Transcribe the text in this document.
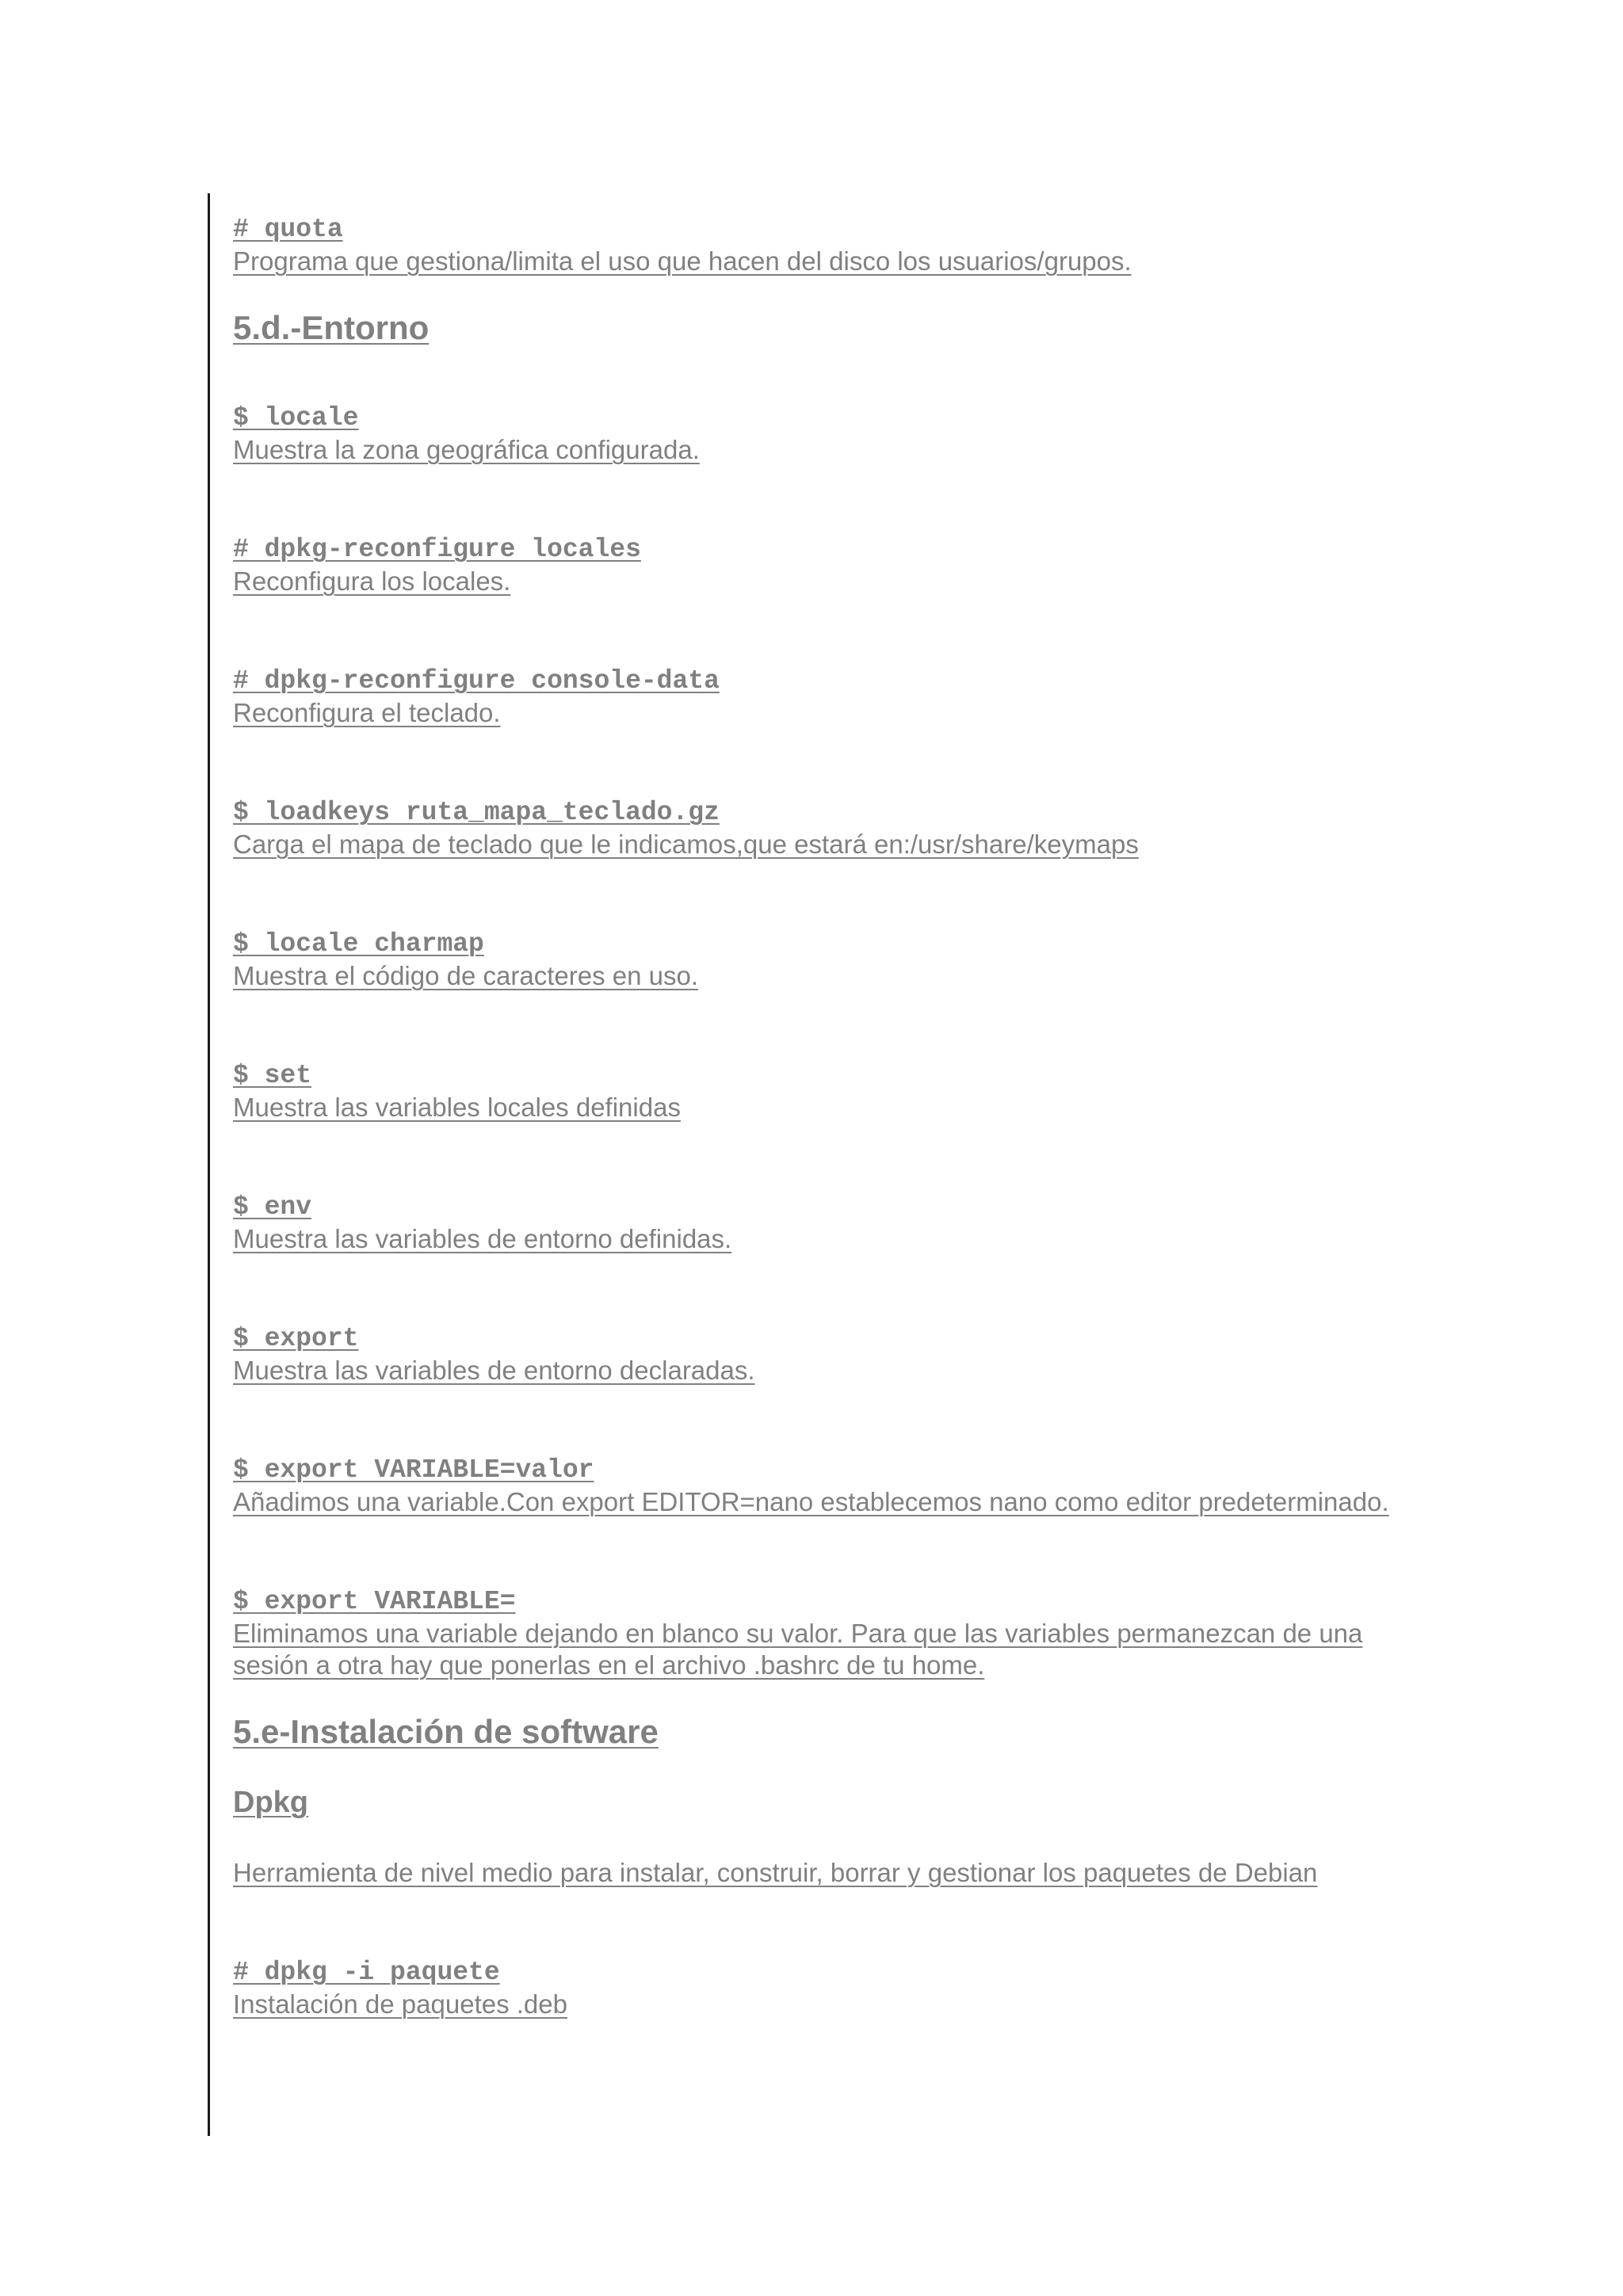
# quota
Programa que gestiona/limita el uso que hacen del disco los usuarios/grupos.
5.d.-Entorno
$ locale
Muestra la zona geográfica configurada.
# dpkg-reconfigure locales
Reconfigura los locales.
# dpkg-reconfigure console-data
Reconfigura el teclado.
$ loadkeys ruta_mapa_teclado.gz
Carga el mapa de teclado que le indicamos,que estará en:/usr/share/keymaps
$ locale charmap
Muestra el código de caracteres en uso.
$ set
Muestra las variables locales definidas
$ env
Muestra las variables de entorno definidas.
$ export
Muestra las variables de entorno declaradas.
$ export VARIABLE=valor
Añadimos una variable.Con export EDITOR=nano establecemos nano como editor predeterminado.
$ export VARIABLE=
Eliminamos una variable dejando en blanco su valor. Para que las variables permanezcan de una sesión a otra hay que ponerlas en el archivo .bashrc de tu home.
5.e-Instalación de software
Dpkg
Herramienta de nivel medio para instalar, construir, borrar y gestionar los paquetes de Debian
# dpkg -i paquete
Instalación de paquetes .deb
